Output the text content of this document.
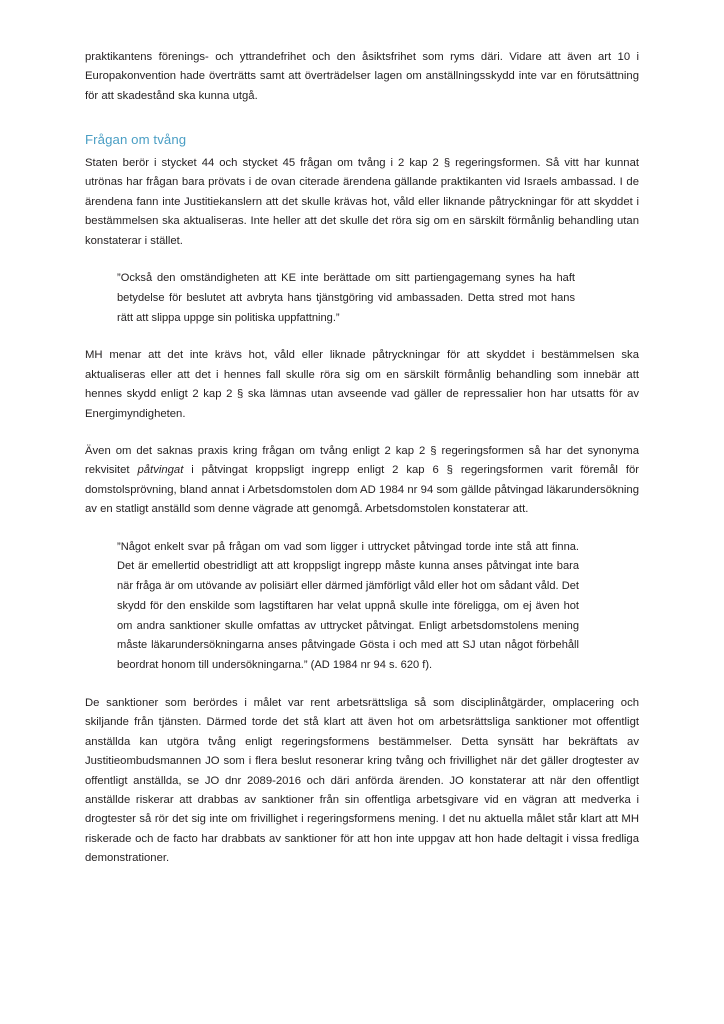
praktikantens förenings- och yttrandefrihet och den åsiktsfrihet som ryms däri. Vidare att även art 10 i Europakonvention hade överträtts samt att överträdelser lagen om anställningsskydd inte var en förutsättning för att skadestånd ska kunna utgå.

Frågan om tvång

Staten berör i stycket 44 och stycket 45 frågan om tvång i 2 kap 2 § regeringsformen. Så vitt har kunnat utrönas har frågan bara prövats i de ovan citerade ärendena gällande praktikanten vid Israels ambassad. I de ärendena fann inte Justitiekanslern att det skulle krävas hot, våld eller liknande påtryckningar för att skyddet i bestämmelsen ska aktualiseras. Inte heller att det skulle det röra sig om en särskilt förmånlig behandling utan konstaterar i stället.

”Också den omständigheten att KE inte berättade om sitt partiengagemang synes ha haft betydelse för beslutet att avbryta hans tjänstgöring vid ambassaden. Detta stred mot hans rätt att slippa uppge sin politiska uppfattning.”

MH menar att det inte krävs hot, våld eller liknade påtryckningar för att skyddet i bestämmelsen ska aktualiseras eller att det i hennes fall skulle röra sig om en särskilt förmånlig behandling som innebär att hennes skydd enligt 2 kap 2 § ska lämnas utan avseende vad gäller de repressalier hon har utsatts för av Energimyndigheten.

Även om det saknas praxis kring frågan om tvång enligt 2 kap 2 § regeringsformen så har det synonyma rekvisitet påtvingat i påtvingat kroppsligt ingrepp enligt 2 kap 6 § regeringsformen varit föremål för domstolsprövning, bland annat i Arbetsdomstolen dom AD 1984 nr 94 som gällde påtvingad läkarundersökning av en statligt anställd som denne vägrade att genomgå. Arbetsdomstolen konstaterar att.

”Något enkelt svar på frågan om vad som ligger i uttrycket påtvingad torde inte stå att finna. Det är emellertid obestridligt att att kroppsligt ingrepp måste kunna anses påtvingat inte bara när fråga är om utövande av polisiärt eller därmed jämförligt våld eller hot om sådant våld. Det skydd för den enskilde som lagstiftaren har velat uppnå skulle inte föreligga, om ej även hot om andra sanktioner skulle omfattas av uttrycket påtvingat. Enligt arbetsdomstolens mening måste läkarundersökningarna anses påtvingade Gösta i och med att SJ utan något förbehåll beordrat honom till undersökningarna.” (AD 1984 nr 94 s. 620 f).

De sanktioner som berördes i målet var rent arbetsrättsliga så som disciplinåtgärder, omplacering och skiljande från tjänsten. Därmed torde det stå klart att även hot om arbetsrättsliga sanktioner mot offentligt anställda kan utgöra tvång enligt regeringsformens bestämmelser. Detta synsätt har bekräftats av Justitieombudsmannen JO som i flera beslut resonerar kring tvång och frivillighet när det gäller drogtester av offentligt anställda, se JO dnr 2089-2016 och däri anförda ärenden. JO konstaterar att när den offentligt anställde riskerar att drabbas av sanktioner från sin offentliga arbetsgivare vid en vägran att medverka i drogtester så rör det sig inte om frivillighet i regeringsformens mening. I det nu aktuella målet står klart att MH riskerade och de facto har drabbats av sanktioner för att hon inte uppgav att hon hade deltagit i vissa fredliga demonstrationer.
